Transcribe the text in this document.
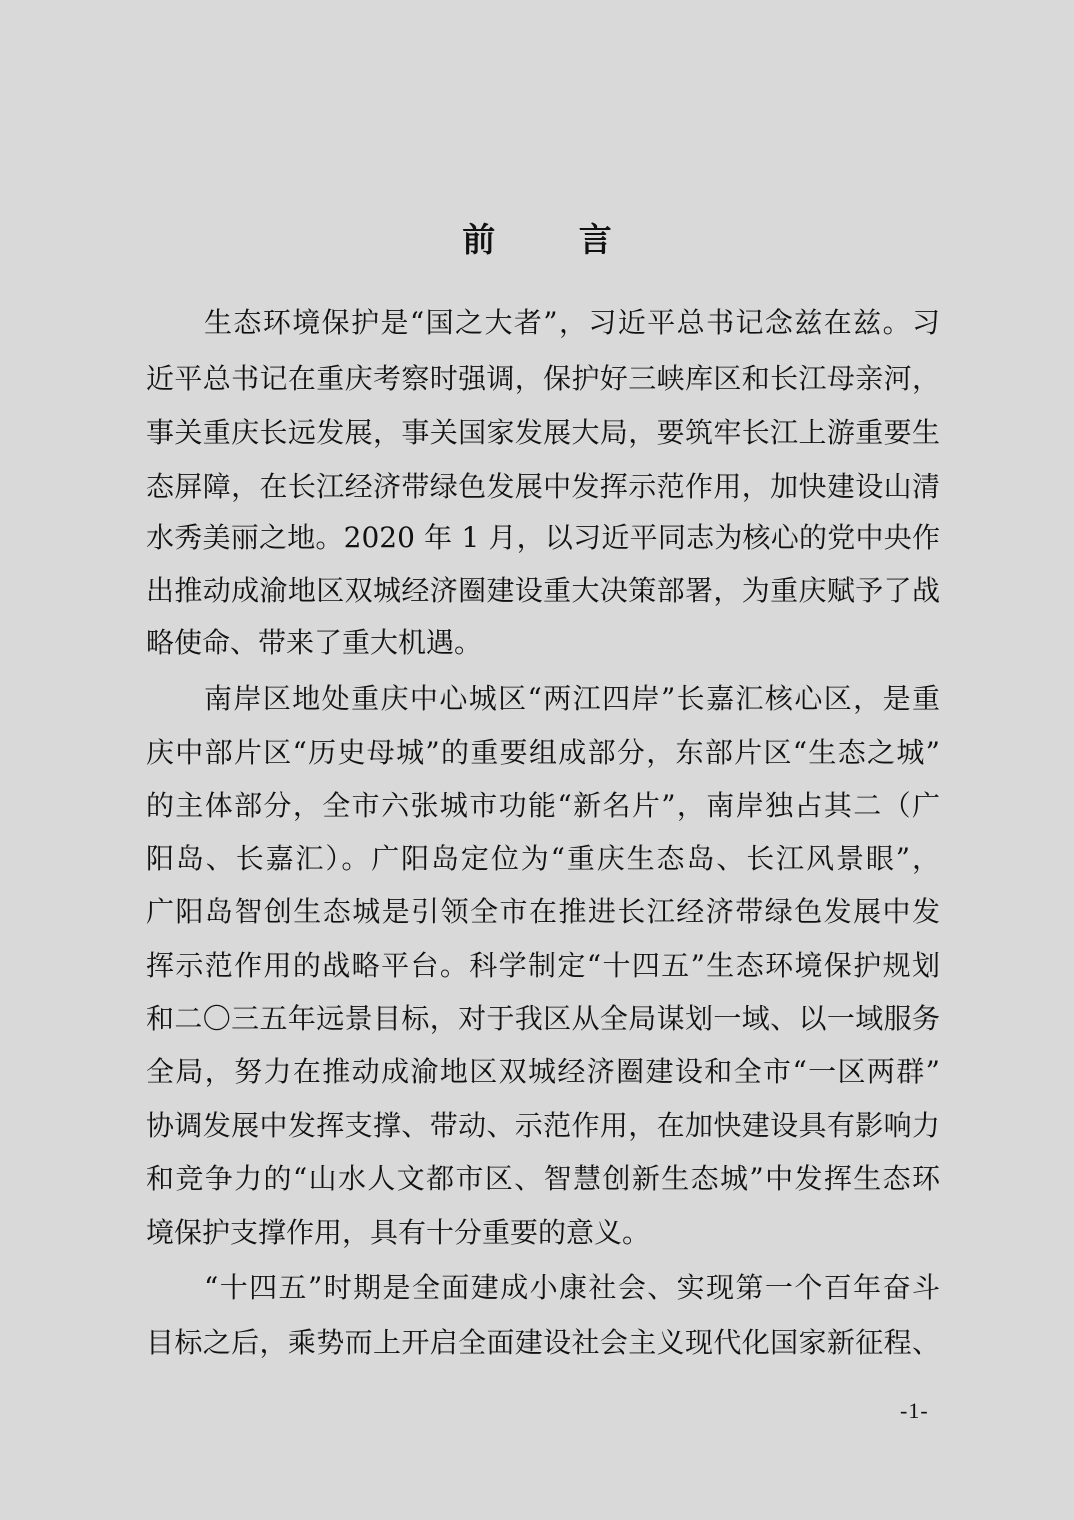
前 言
生态环境保护是“国之大者”，习近平总书记念兹在兹。习
近平总书记在重庆考察时强调，保护好三峡库区和长江母亲河，
事关重庆长远发展，事关国家发展大局，要筑牢长江上游重要生
态屏障，在长江经济带绿色发展中发挥示范作用，加快建设山清
水秀美丽之地。2020 年 1 月，以习近平同志为核心的党中央作
出推动成渝地区双城经济圈建设重大决策部署，为重庆赋予了战
略使命、带来了重大机遇。
南岸区地处重庆中心城区“两江四岸”长嘉汇核心区，是重
庆中部片区“历史母城”的重要组成部分，东部片区“生态之城”
的主体部分，全市六张城市功能“新名片”，南岸独占其二（广
阳岛、长嘉汇）。广阳岛定位为“重庆生态岛、长江风景眼”，
广阳岛智创生态城是引领全市在推进长江经济带绿色发展中发
挥示范作用的战略平台。科学制定“十四五”生态环境保护规划
和二〇三五年远景目标，对于我区从全局谋划一域、以一域服务
全局，努力在推动成渝地区双城经济圈建设和全市“一区两群”
协调发展中发挥支撑、带动、示范作用，在加快建设具有影响力
和竞争力的“山水人文都市区、智慧创新生态城”中发挥生态环
境保护支撑作用，具有十分重要的意义。
“十四五”时期是全面建成小康社会、实现第一个百年奋斗
目标之后，乘势而上开启全面建设社会主义现代化国家新征程、
-1-
